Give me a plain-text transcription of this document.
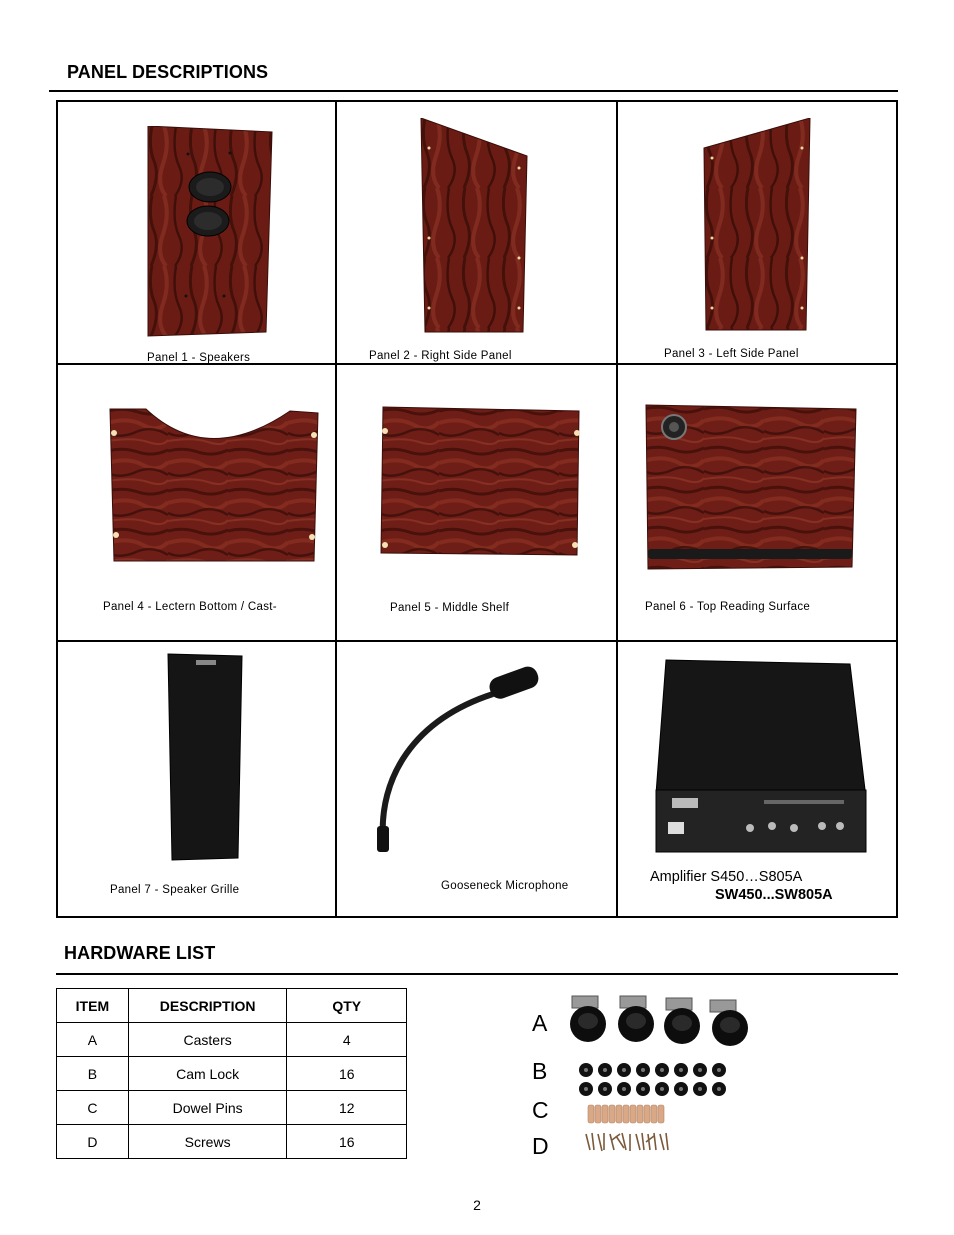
PANEL DESCRIPTIONS
Panel 1 - Speakers	Panel 2 - Right Side Panel	Panel 3 - Left Side Panel
Panel 4 - Lectern Bottom / Cast-	Panel 5 - Middle Shelf	Panel 6 - Top Reading Surface
Panel 7 - Speaker Grille	Gooseneck Microphone
Amplifier S450…S805A
SW450...SW805A
HARDWARE LIST
ITEM	DESCRIPTION	QTY
A	Casters	4
B	Cam Lock	16
C	Dowel Pins	12
D	Screws	16
A
B
C
D
2
